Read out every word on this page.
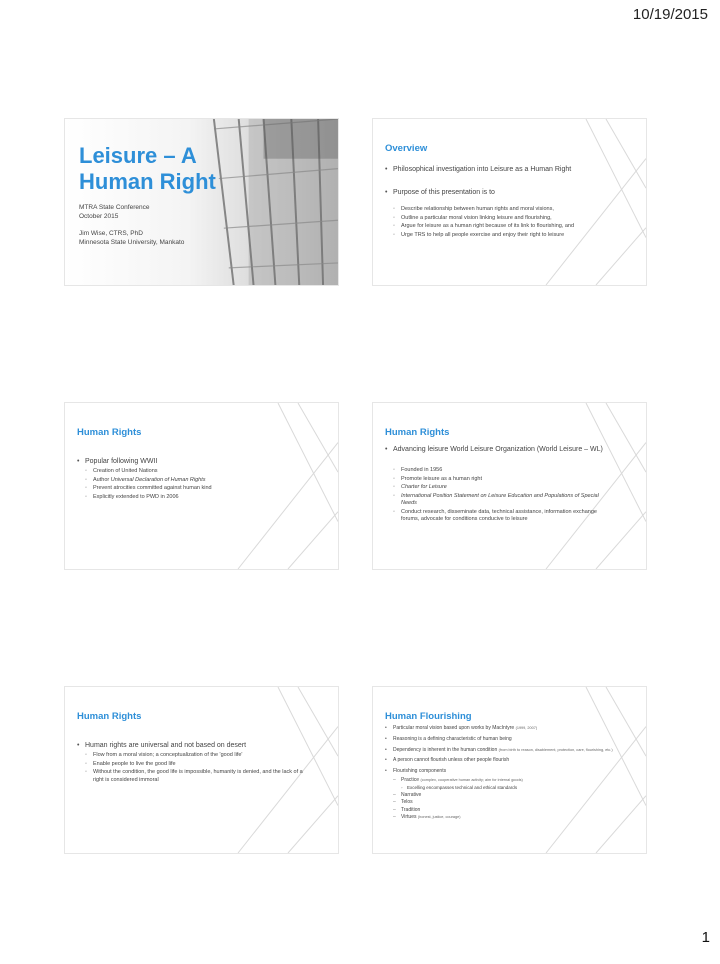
10/19/2015
Leisure – A
Human Right
MTRA State Conference
October 2015
Jim Wise, CTRS, PhD
Minnesota State University, Mankato
Overview
• Philosophical investigation into Leisure as a Human Right
• Purpose of this presentation is to
◦ Describe relationship between human rights and moral visions,
◦ Outline a particular moral vision linking leisure and flourishing,
◦ Argue for leisure as a human right because of its link to flourishing, and
◦ Urge TRS to help all people exercise and enjoy their right to leisure
Human Rights
• Popular following WWII
◦ Creation of United Nations
◦ Author Universal Declaration of Human Rights
◦ Prevent atrocities committed against human kind
◦ Explicitly extended to PWD in 2006
Human Rights
• Advancing leisure World Leisure Organization (World Leisure – WL)
◦ Founded in 1956
◦ Promote leisure as a human right
◦ Charter for Leisure
◦ International Position Statement on Leisure Education and Populations of Special Needs
◦ Conduct research, disseminate data, technical assistance, information exchange forums, advocate for conditions conducive to leisure
Human Rights
• Human rights are universal and not based on desert
◦ Flow from a moral vision; a conceptualization of the 'good life'
◦ Enable people to live the good life
◦ Without the condition, the good life is impossible, humanity is denied, and the lack of a right is considered immoral
Human Flourishing
• Particular moral vision based upon works by MacIntyre (1999, 2007)
• Reasoning is a defining characteristic of human being
• Dependency is inherent in the human condition (from birth to reason, disablement, protection, care, flourishing, etc.)
• A person cannot flourish unless other people flourish
• Flourishing components
– Practice (complex, cooperative human activity; aim for internal goods)
◦ Excelling encompasses technical and ethical standards
– Narrative
– Telos
– Tradition
– Virtues (honest, justice, courage)
1
